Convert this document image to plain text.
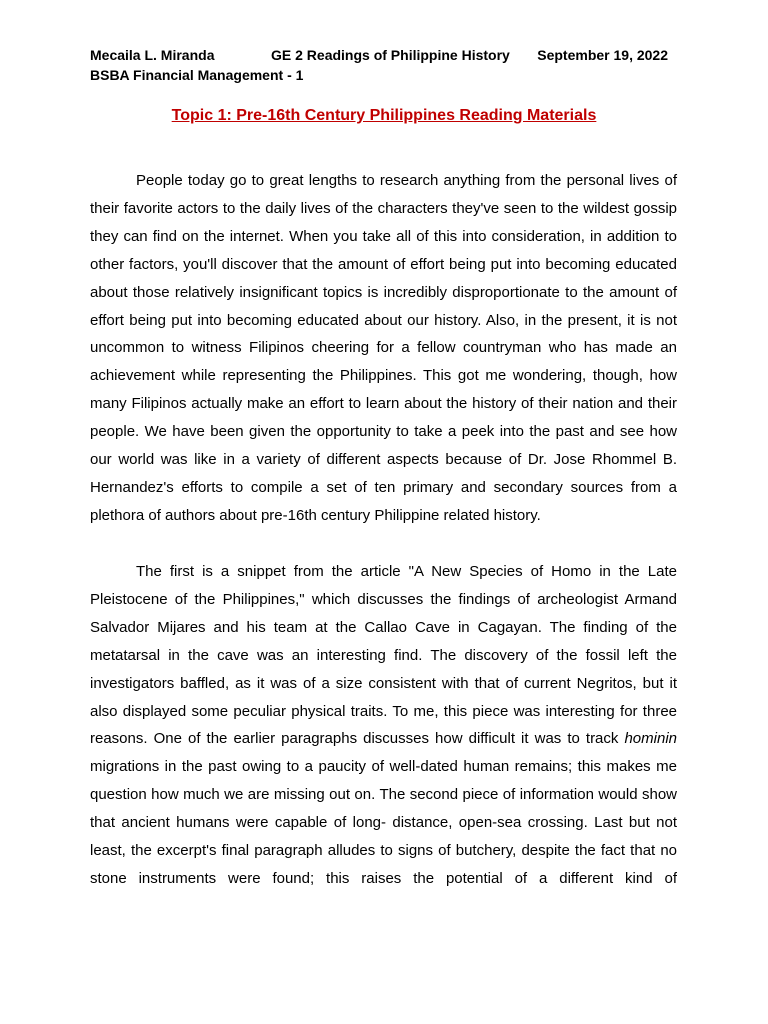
Mecaila L. Miranda	GE 2 Readings of Philippine History September 19, 2022
BSBA Financial Management - 1
Topic 1: Pre-16th Century Philippines Reading Materials

People today go to great lengths to research anything from the personal lives of their favorite actors to the daily lives of the characters they've seen to the wildest gossip they can find on the internet. When you take all of this into consideration, in addition to other factors, you'll discover that the amount of effort being put into becoming educated about those relatively insignificant topics is incredibly disproportionate to the amount of effort being put into becoming educated about our history. Also, in the present, it is not uncommon to witness Filipinos cheering for a fellow countryman who has made an achievement while representing the Philippines. This got me wondering, though, how many Filipinos actually make an effort to learn about the history of their nation and their people. We have been given the opportunity to take a peek into the past and see how our world was like in a variety of different aspects because of Dr. Jose Rhommel B. Hernandez's efforts to compile a set of ten primary and secondary sources from a plethora of authors about pre-16th century Philippine related history.

The first is a snippet from the article "A New Species of Homo in the Late Pleistocene of the Philippines," which discusses the findings of archeologist Armand Salvador Mijares and his team at the Callao Cave in Cagayan. The finding of the metatarsal in the cave was an interesting find. The discovery of the fossil left the investigators baffled, as it was of a size consistent with that of current Negritos, but it also displayed some peculiar physical traits. To me, this piece was interesting for three reasons. One of the earlier paragraphs discusses how difficult it was to track hominin migrations in the past owing to a paucity of well-dated human remains; this makes me question how much we are missing out on. The second piece of information would show that ancient humans were capable of long- distance, open-sea crossing. Last but not least, the excerpt's final paragraph alludes to signs of butchery, despite the fact that no stone instruments were found; this raises the potential of a different kind of
